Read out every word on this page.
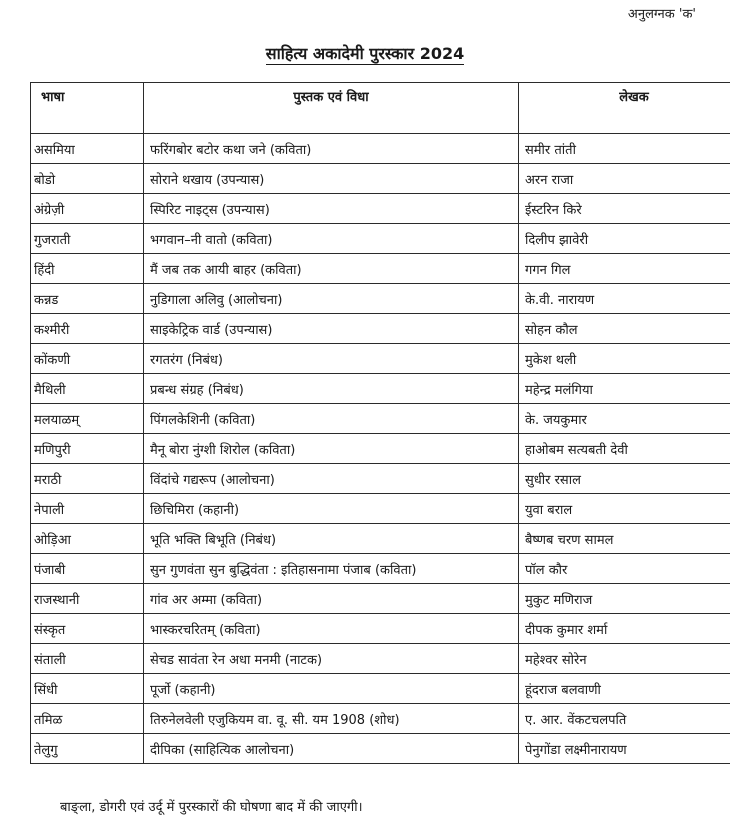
अनुलग्नक 'क'
साहित्य अकादेमी पुरस्कार 2024
भाषा	पुस्तक एवं विधा	लेखक
असमिया	फरिंगबोर बटोर कथा जने (कविता)	समीर तांती
बोडो	सोराने थखाय (उपन्यास)	अरन राजा
अंग्रेज़ी	स्पिरिट नाइट्स (उपन्यास)	ईस्टरिन किरे
गुजराती	भगवान–नी वातो (कविता)	दिलीप झावेरी
हिंदी	मैं जब तक आयी बाहर (कविता)	गगन गिल
कन्नड	नुडिगाला अलिवु (आलोचना)	के.वी. नारायण
कश्मीरी	साइकेट्रिक वार्ड (उपन्यास)	सोहन कौल
कोंकणी	रगतरंग (निबंध)	मुकेश थली
मैथिली	प्रबन्ध संग्रह (निबंध)	महेन्द्र मलंगिया
मलयाळम्	पिंगलकेशिनी (कविता)	के. जयकुमार
मणिपुरी	मैनू बोरा नुंग्शी शिरोल (कविता)	हाओबम सत्यबती देवी
मराठी	विंदांचे गद्यरूप (आलोचना)	सुधीर रसाल
नेपाली	छिचिमिरा (कहानी)	युवा बराल
ओड़िआ	भूति भक्ति बिभूति (निबंध)	बैष्णब चरण सामल
पंजाबी	सुन गुणवंता सुन बुद्धिवंता : इतिहासनामा पंजाब (कविता)	पॉल कौर
राजस्थानी	गांव अर अम्मा (कविता)	मुकुट मणिराज
संस्कृत	भास्करचरितम् (कविता)	दीपक कुमार शर्मा
संताली	सेचड सावंता रेन अधा मनमी (नाटक)	महेश्वर सोरेन
सिंधी	पूर्जो (कहानी)	हूंदराज बलवाणी
तमिळ	तिरुनेलवेली एजुकियम वा. वू. सी. यम 1908 (शोध)	ए. आर. वेंकटचलपति
तेलुगु	दीपिका (साहित्यिक आलोचना)	पेनुगोंडा लक्ष्मीनारायण
बाङ्ला, डोगरी एवं उर्दू में पुरस्कारों की घोषणा बाद में की जाएगी।
